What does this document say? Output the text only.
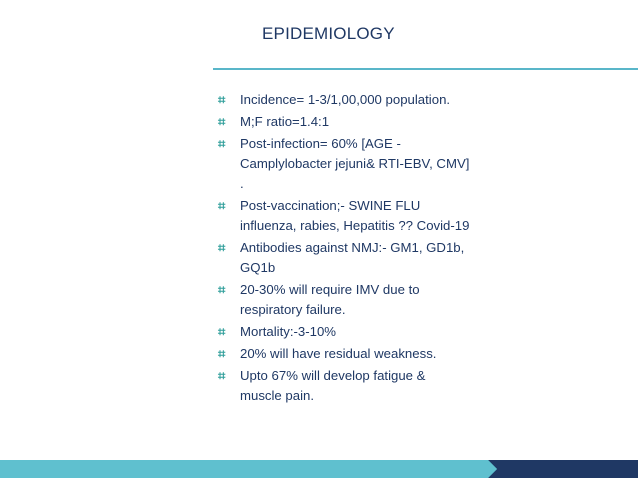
EPIDEMIOLOGY
⌗ Incidence= 1-3/1,00,000 population.
⌗ M;F ratio=1.4:1
⌗ Post-infection= 60% [AGE -
Camplylobacter jejuni& RTI-EBV, CMV]
.
⌗ Post-vaccination;- SWINE FLU
influenza, rabies, Hepatitis ?? Covid-19
⌗ Antibodies against NMJ:- GM1, GD1b,
GQ1b
⌗ 20-30% will require IMV due to
respiratory failure.
⌗ Mortality:-3-10%
⌗ 20% will have residual weakness.
⌗ Upto 67% will develop fatigue &
muscle pain.
